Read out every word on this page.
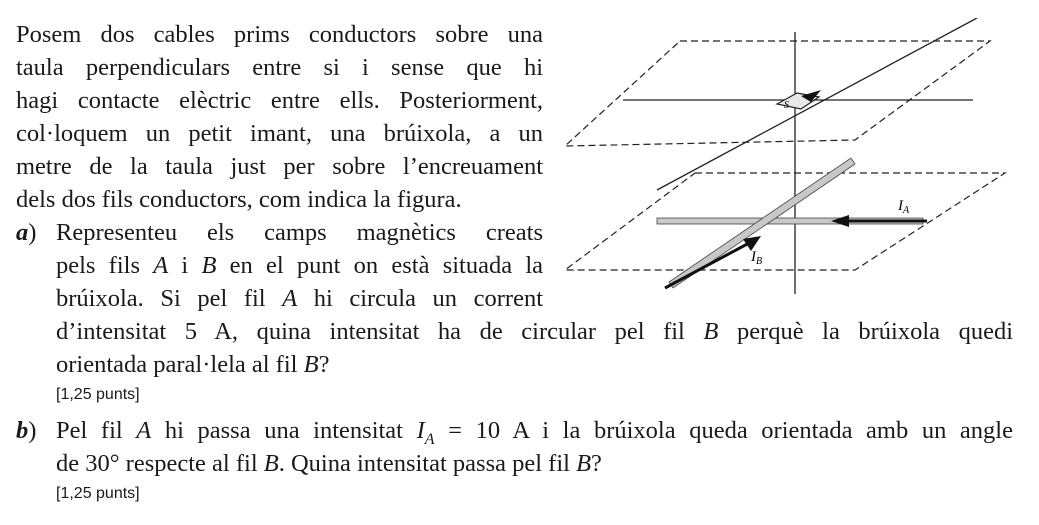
Posem dos cables prims conductors sobre una
taula perpendiculars entre si i sense que hi
hagi contacte elèctric entre ells. Posteriorment,
col·loquem un petit imant, una brúixola, a un
metre de la taula just per sobre l’encreuament
dels dos fils conductors, com indica la figura.
a) Representeu els camps magnètics creats
pels fils A i B en el punt on està situada la
brúixola. Si pel fil A hi circula un corrent
d’intensitat 5 A, quina intensitat ha de circular pel fil B perquè la brúixola quedi
orientada paral·lela al fil B?
[1,25 punts]
b) Pel fil A hi passa una intensitat $I_A = 10$ A i la brúixola queda orientada amb un angle
de 30° respecte al fil B. Quina intensitat passa pel fil B?
[1,25 punts]
S
$I_A$
$I_B$
